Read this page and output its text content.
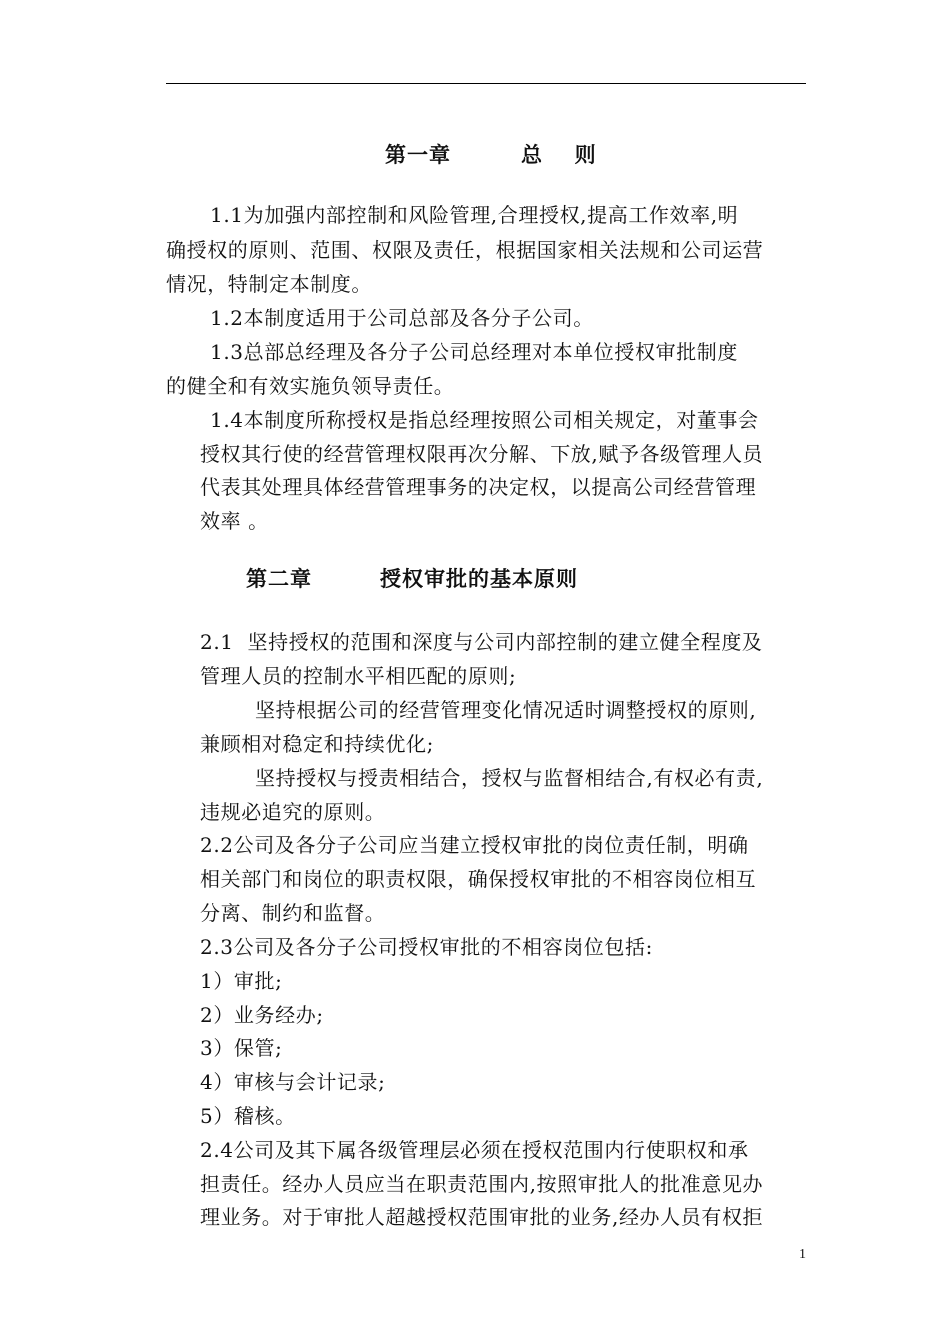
第一章	总  则
1.1为加强内部控制和风险管理,合理授权,提高工作效率,明
确授权的原则、范围、权限及责任，根据国家相关法规和公司运营
情况，特制定本制度。
1.2本制度适用于公司总部及各分子公司。
1.3总部总经理及各分子公司总经理对本单位授权审批制度
的健全和有效实施负领导责任。
1.4本制度所称授权是指总经理按照公司相关规定，对董事会
授权其行使的经营管理权限再次分解、下放,赋予各级管理人员
代表其处理具体经营管理事务的决定权，以提高公司经营管理
效率 。
第二章	授权审批的基本原则
2.1  坚持授权的范围和深度与公司内部控制的建立健全程度及
管理人员的控制水平相匹配的原则;
坚持根据公司的经营管理变化情况适时调整授权的原则,
兼顾相对稳定和持续优化;
坚持授权与授责相结合，授权与监督相结合,有权必有责,
违规必追究的原则。
2.2公司及各分子公司应当建立授权审批的岗位责任制，明确
相关部门和岗位的职责权限，确保授权审批的不相容岗位相互
分离、制约和监督。
2.3公司及各分子公司授权审批的不相容岗位包括:
1）审批;
2）业务经办;
3）保管;
4）审核与会计记录;
5）稽核。
2.4公司及其下属各级管理层必须在授权范围内行使职权和承
担责任。经办人员应当在职责范围内,按照审批人的批准意见办
理业务。对于审批人超越授权范围审批的业务,经办人员有权拒
1
